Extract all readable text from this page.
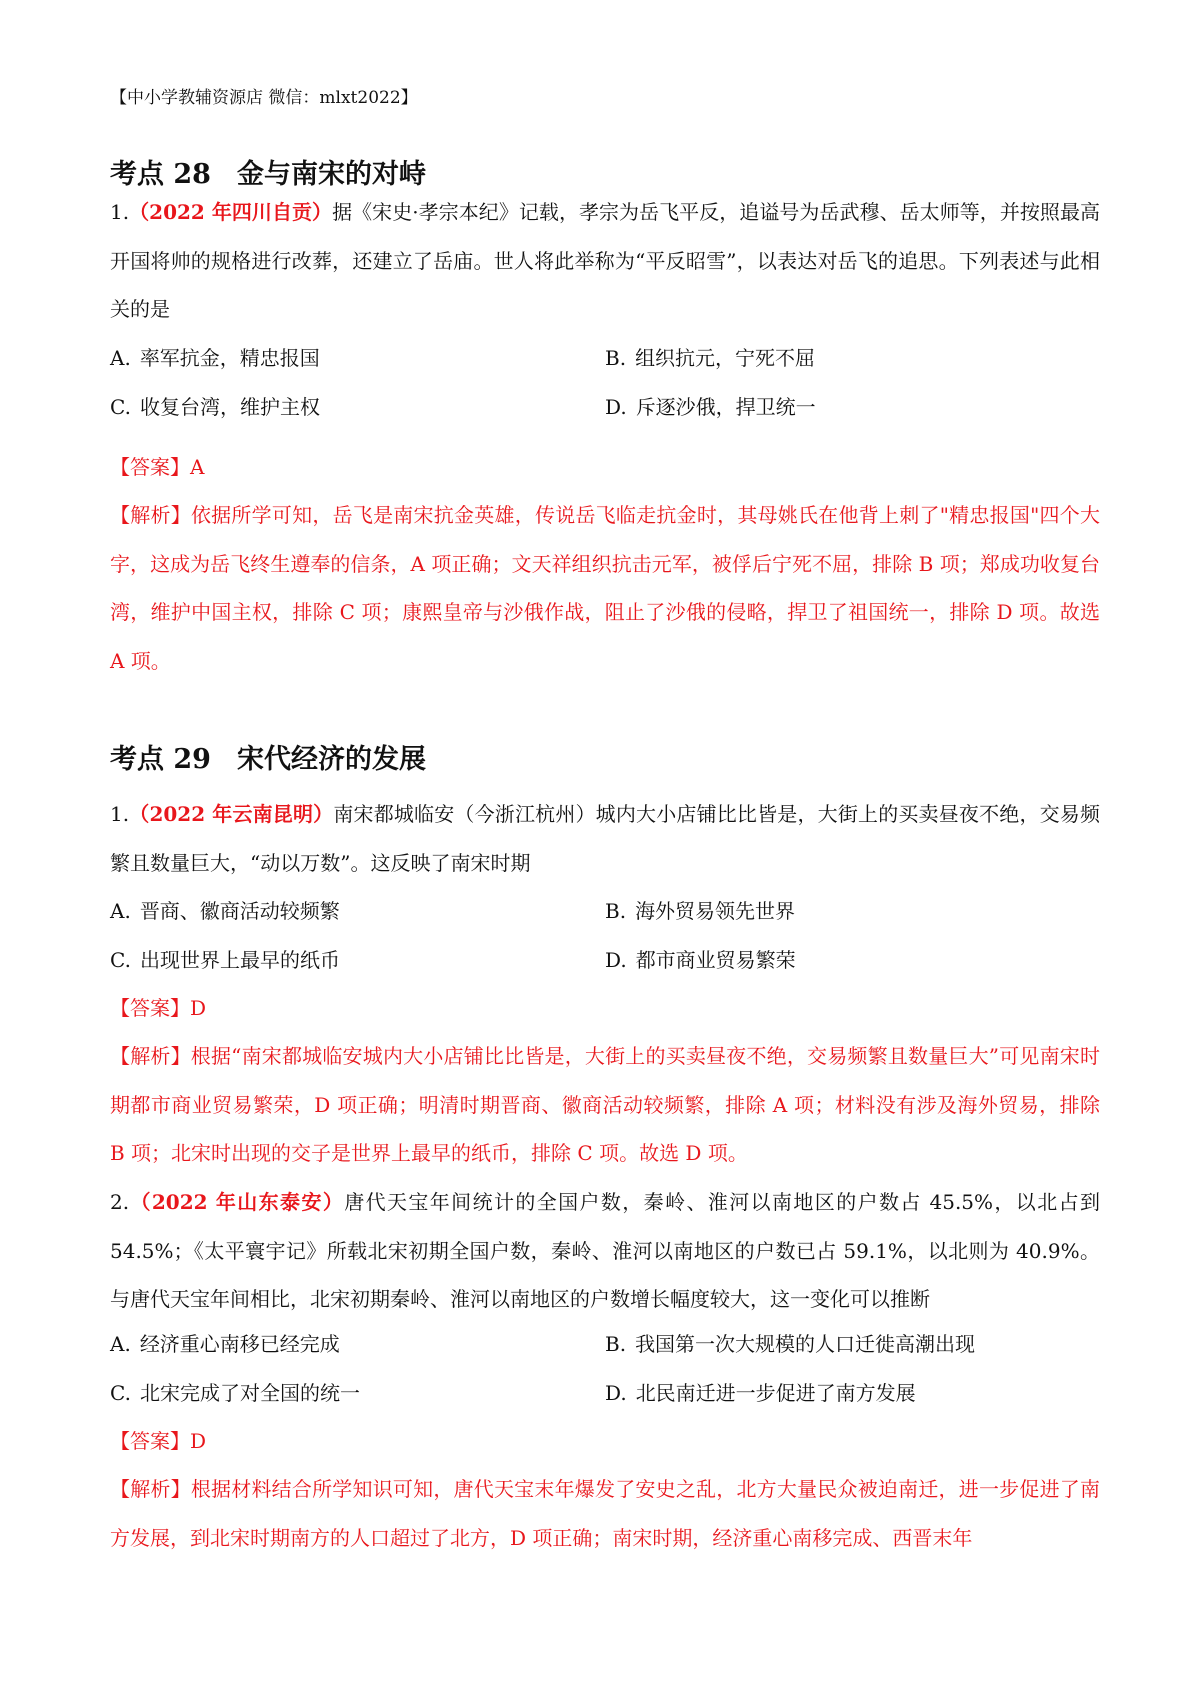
【中小学教辅资源店 微信：mlxt2022】
考点 28 金与南宋的对峙
1.（2022 年四川自贡）据《宋史·孝宗本纪》记载，孝宗为岳飞平反，追谥号为岳武穆、岳太师等，并按照最高开国将帅的规格进行改葬，还建立了岳庙。世人将此举称为“平反昭雪”，以表达对岳飞的追思。下列表述与此相关的是
A. 率军抗金，精忠报国	B. 组织抗元，宁死不屈
C. 收复台湾，维护主权	D. 斥逐沙俄，捍卫统一
【答案】A
【解析】依据所学可知，岳飞是南宋抗金英雄，传说岳飞临走抗金时，其母姚氏在他背上刺了"精忠报国"四个大字，这成为岳飞终生遵奉的信条，A 项正确；文天祥组织抗击元军，被俘后宁死不屈，排除 B 项；郑成功收复台湾，维护中国主权，排除 C 项；康熙皇帝与沙俄作战，阻止了沙俄的侵略，捍卫了祖国统一，排除 D 项。故选 A 项。
考点 29 宋代经济的发展
1.（2022 年云南昆明）南宋都城临安（今浙江杭州）城内大小店铺比比皆是，大街上的买卖昼夜不绝，交易频繁且数量巨大，“动以万数”。这反映了南宋时期
A. 晋商、徽商活动较频繁	B. 海外贸易领先世界
C. 出现世界上最早的纸币	D. 都市商业贸易繁荣
【答案】D
【解析】根据“南宋都城临安城内大小店铺比比皆是，大街上的买卖昼夜不绝，交易频繁且数量巨大”可见南宋时期都市商业贸易繁荣，D 项正确；明清时期晋商、徽商活动较频繁，排除 A 项；材料没有涉及海外贸易，排除 B 项；北宋时出现的交子是世界上最早的纸币，排除 C 项。故选 D 项。
2.（2022 年山东泰安）唐代天宝年间统计的全国户数，秦岭、淮河以南地区的户数占 45.5%，以北占到 54.5%；《太平寰宇记》所载北宋初期全国户数，秦岭、淮河以南地区的户数已占 59.1%，以北则为 40.9%。与唐代天宝年间相比，北宋初期秦岭、淮河以南地区的户数增长幅度较大，这一变化可以推断
A. 经济重心南移已经完成	B. 我国第一次大规模的人口迁徙高潮出现
C. 北宋完成了对全国的统一	D. 北民南迁进一步促进了南方发展
【答案】D
【解析】根据材料结合所学知识可知，唐代天宝末年爆发了安史之乱，北方大量民众被迫南迁，进一步促进了南方发展，到北宋时期南方的人口超过了北方，D 项正确；南宋时期，经济重心南移完成、西晋末年
